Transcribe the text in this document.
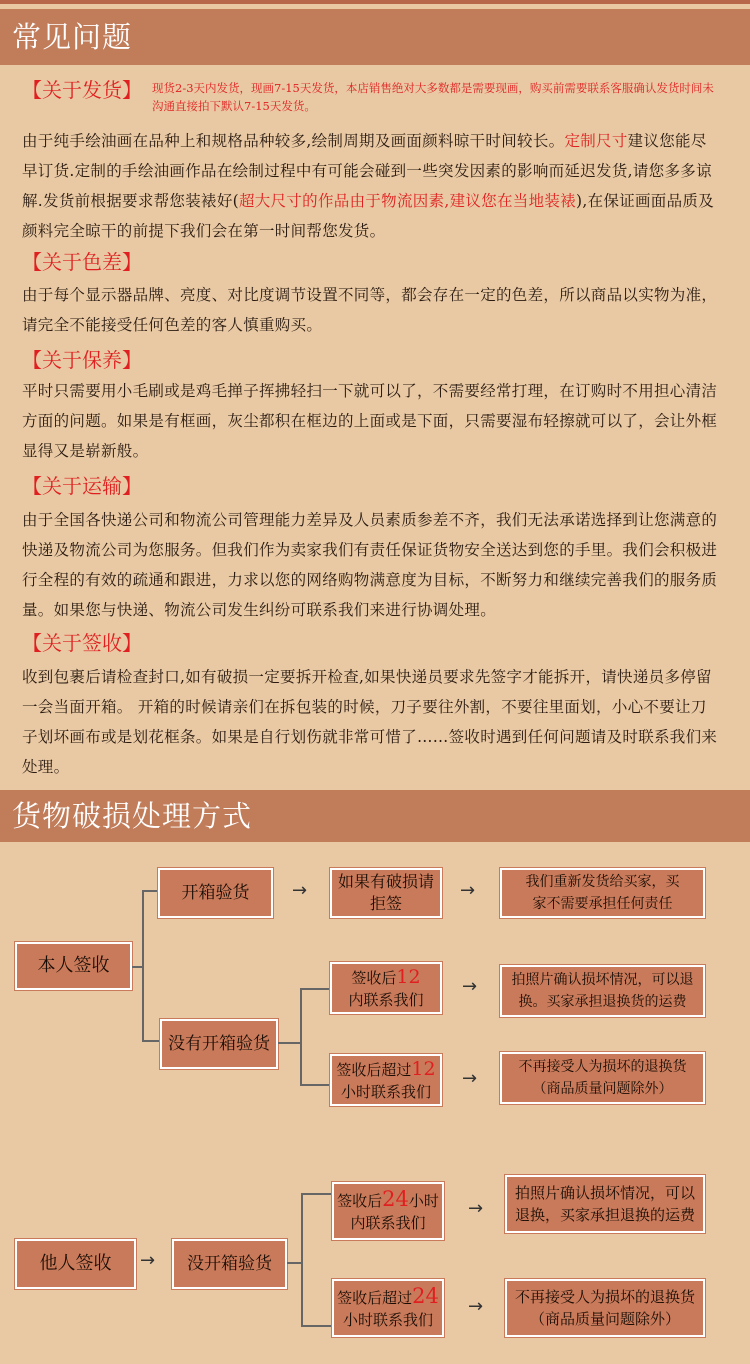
常见问题
【关于发货】 现货2-3天内发货，现画7-15天发货，本店销售绝对大多数都是需要现画，购买前需要联系客服确认发货时间未沟通直接拍下默认7-15天发货。
由于纯手绘油画在品种上和规格品种较多,绘制周期及画面颜料晾干时间较长。定制尺寸建议您能尽早订货.定制的手绘油画作品在绘制过程中有可能会碰到一些突发因素的影响而延迟发货,请您多多谅解.发货前根据要求帮您装裱好(超大尺寸的作品由于物流因素,建议您在当地装裱),在保证画面品质及颜料完全晾干的前提下我们会在第一时间帮您发货。
【关于色差】
由于每个显示器品牌、亮度、对比度调节设置不同等，都会存在一定的色差，所以商品以实物为准，请完全不能接受任何色差的客人慎重购买。
【关于保养】
平时只需要用小毛刷或是鸡毛掸子挥拂轻扫一下就可以了，不需要经常打理，在订购时不用担心清洁方面的问题。如果是有框画，灰尘都积在框边的上面或是下面，只需要湿布轻擦就可以了，会让外框显得又是崭新般。
【关于运输】
由于全国各快递公司和物流公司管理能力差异及人员素质参差不齐，我们无法承诺选择到让您满意的快递及物流公司为您服务。但我们作为卖家我们有责任保证货物安全送达到您的手里。我们会积极进行全程的有效的疏通和跟进，力求以您的网络购物满意度为目标，不断努力和继续完善我们的服务质量。如果您与快递、物流公司发生纠纷可联系我们来进行协调处理。
【关于签收】
收到包裹后请检查封口,如有破损一定要拆开检查,如果快递员要求先签字才能拆开，请快递员多停留一会当面开箱。 开箱的时候请亲们在拆包装的时候，刀子要往外割，不要往里面划，小心不要让刀子划坏画布或是划花框条。如果是自行划伤就非常可惜了……签收时遇到任何问题请及时联系我们来处理。
货物破损处理方式
本人签收
开箱验货	→	如果有破损请拒签
→	我们重新发货给买家，买家不需要承担任何责任
没有开箱验货
签收后12
内联系我们
→	拍照片确认损坏情况，可以退换。买家承担退换货的运费
签收后超过12
小时联系我们
→
不再接受人为损坏的退换货（商品质量问题除外）
他人签收	→	没开箱验货
签收后24小时
内联系我们
→
拍照片确认损坏情况，可以退换，买家承担退换的运费
签收后超过24
小时联系我们
→	不再接受人为损坏的退换货（商品质量问题除外）
